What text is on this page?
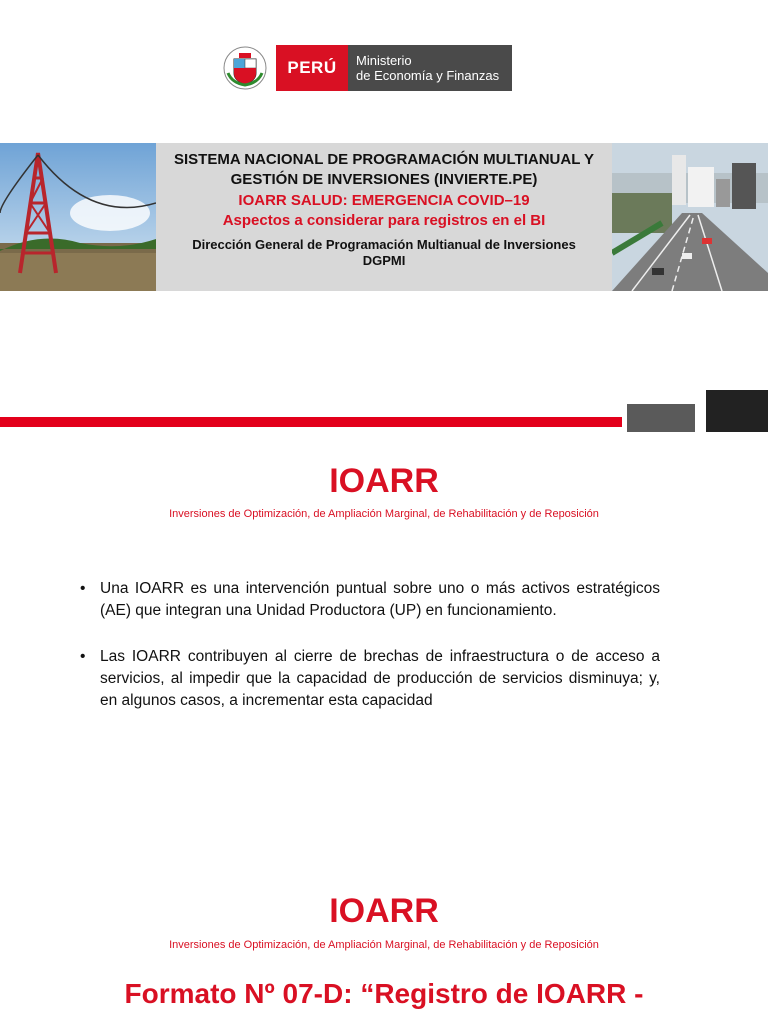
PERÚ	Ministerio
de Economía y Finanzas
SISTEMA NACIONAL DE PROGRAMACIÓN MULTIANUAL Y
GESTIÓN DE INVERSIONES (INVIERTE.PE)
IOARR SALUD: EMERGENCIA COVID–19
Aspectos a considerar para registros en el BI
Dirección General de Programación Multianual de Inversiones
DGPMI
IOARR
Inversiones de Optimización, de Ampliación Marginal, de Rehabilitación y de Reposición
• Una IOARR es una intervención puntual sobre uno o más activos estratégicos (AE) que integran una Unidad Productora (UP) en funcionamiento.
• Las IOARR contribuyen al cierre de brechas de infraestructura o de acceso a servicios, al impedir que la capacidad de producción de servicios disminuya; y, en algunos casos, a incrementar esta capacidad
IOARR
Inversiones de Optimización, de Ampliación Marginal, de Rehabilitación y de Reposición
Formato Nº 07-D: “Registro de IOARR -
